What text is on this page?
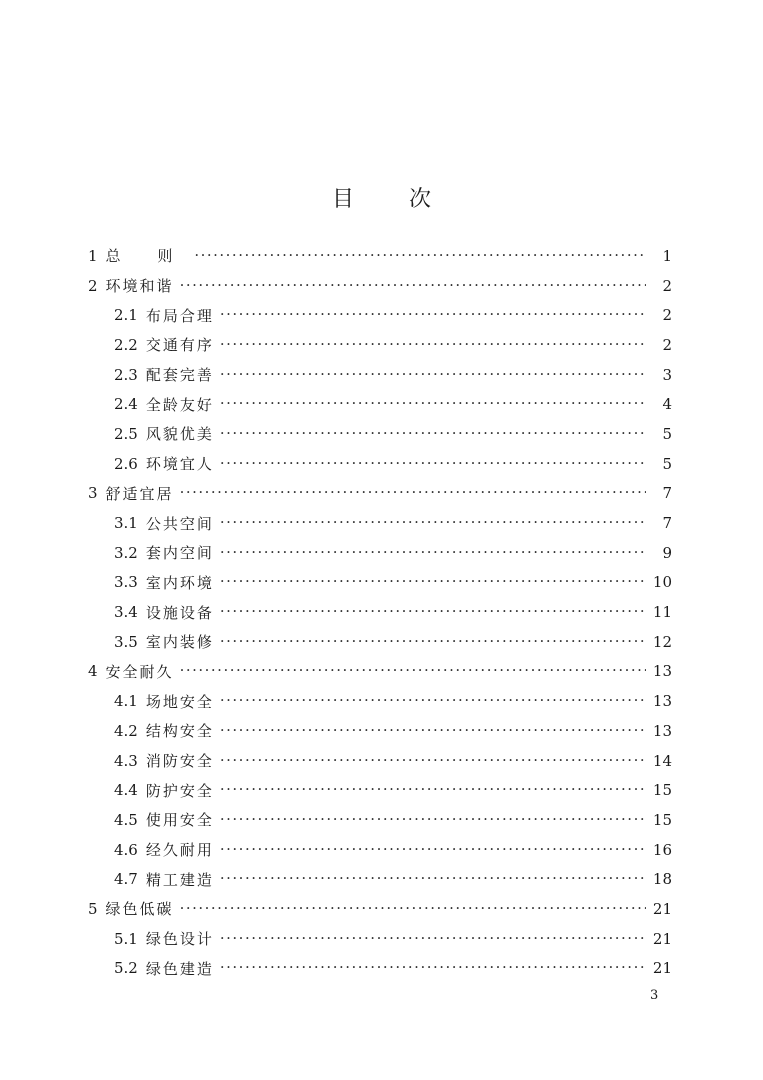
目 次
1 总 则 ·····	1
2 环境和谐 ·····	2
2.1 布局合理 ·····	2
2.2 交通有序 ·····	2
2.3 配套完善 ·····	3
2.4 全龄友好 ·····	4
2.5 风貌优美 ·····	5
2.6 环境宜人 ·····	5
3 舒适宜居 ·····	7
3.1 公共空间 ·····	7
3.2 套内空间 ·····	9
3.3 室内环境 ·····	10
3.4 设施设备 ·····	11
3.5 室内装修 ·····	12
4 安全耐久 ·····	13
4.1 场地安全 ·····	13
4.2 结构安全 ·····	13
4.3 消防安全 ·····	14
4.4 防护安全 ·····	15
4.5 使用安全 ·····	15
4.6 经久耐用 ·····	16
4.7 精工建造 ·····	18
5 绿色低碳 ·····	21
5.1 绿色设计 ·····	21
5.2 绿色建造 ·····	21
3
